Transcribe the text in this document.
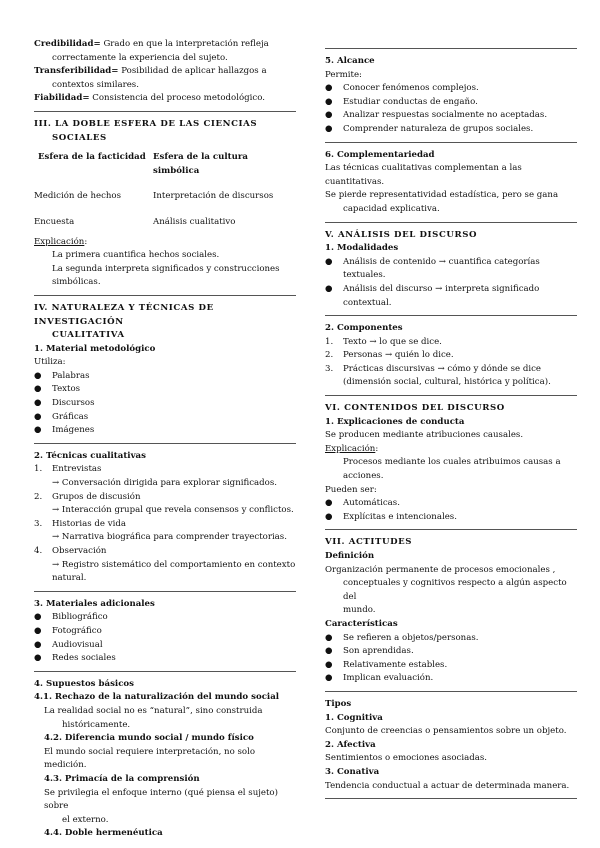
Credibilidad= Grado en que la interpretación refleja
correctamente la experiencia del sujeto.
Transferibilidad= Posibilidad de aplicar hallazgos a
contextos similares.
Fiabilidad= Consistencia del proceso metodológico.
III. LA DOBLE ESFERA DE LAS CIENCIAS
SOCIALES
Esfera de la facticidad Esfera de la cultura simbólica
Medición de hechos	Interpretación de discursos
Encuesta	Análisis cualitativo
Explicación:
La primera cuantifica hechos sociales.
La segunda interpreta significados y construcciones
simbólicas.
IV. NATURALEZA Y TÉCNICAS DE INVESTIGACIÓN
CUALITATIVA
1. Material metodológico
Utiliza:
● Palabras
● Textos
● Discursos
● Gráficas
● Imágenes
2. Técnicas cualitativas
1. Entrevistas
→ Conversación dirigida para explorar significados.
2. Grupos de discusión
→ Interacción grupal que revela consensos y conflictos.
3. Historias de vida
→ Narrativa biográfica para comprender trayectorias.
4. Observación
→ Registro sistemático del comportamiento en contexto
natural.
3. Materiales adicionales
● Bibliográfico
● Fotográfico
● Audiovisual
● Redes sociales
4. Supuestos básicos
4.1. Rechazo de la naturalización del mundo social
La realidad social no es “natural”, sino construida
históricamente.
4.2. Diferencia mundo social / mundo físico
El mundo social requiere interpretación, no solo medición.
4.3. Primacía de la comprensión
Se privilegia el enfoque interno (qué piensa el sujeto) sobre
el externo.
4.4. Doble hermenéutica
5. Alcance
Permite:
● Conocer fenómenos complejos.
● Estudiar conductas de engaño.
● Analizar respuestas socialmente no aceptadas.
● Comprender naturaleza de grupos sociales.
6. Complementariedad
Las técnicas cualitativas complementan a las cuantitativas.
Se pierde representatividad estadística, pero se gana
capacidad explicativa.
V. ANÁLISIS DEL DISCURSO
1. Modalidades
● Análisis de contenido → cuantifica categorías
textuales.
● Análisis del discurso → interpreta significado
contextual.
2. Componentes
1. Texto → lo que se dice.
2. Personas → quién lo dice.
3. Prácticas discursivas → cómo y dónde se dice
(dimensión social, cultural, histórica y política).
VI. CONTENIDOS DEL DISCURSO
1. Explicaciones de conducta
Se producen mediante atribuciones causales.
Explicación:
Procesos mediante los cuales atribuimos causas a
acciones.
Pueden ser:
● Automáticas.
● Explícitas e intencionales.
VII. ACTITUDES
Definición
Organización permanente de procesos emocionales ,
conceptuales y cognitivos respecto a algún aspecto del
mundo.
Características
● Se refieren a objetos/personas.
● Son aprendidas.
● Relativamente estables.
● Implican evaluación.
Tipos
1. Cognitiva
Conjunto de creencias o pensamientos sobre un objeto.
2. Afectiva
Sentimientos o emociones asociadas.
3. Conativa
Tendencia conductual a actuar de determinada manera.
